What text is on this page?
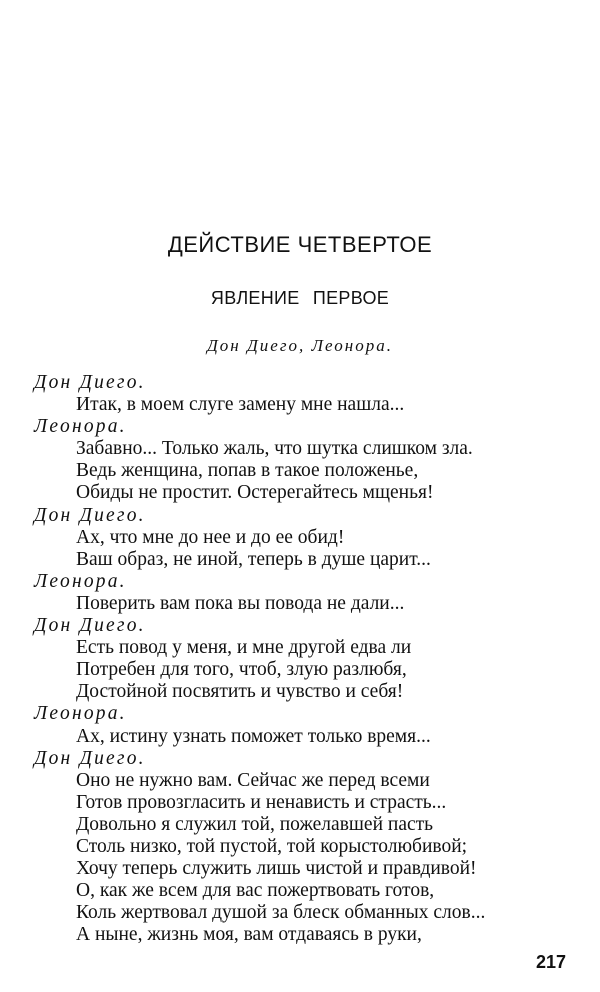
ДЕЙСТВИЕ ЧЕТВЕРТОЕ
ЯВЛЕНИЕ ПЕРВОЕ
Дон Диего, Леонора.
Дон Диего.
Итак, в моем слуге замену мне нашла...
Леонора.
Забавно... Только жаль, что шутка слишком зла.
Ведь женщина, попав в такое положенье,
Обиды не простит. Остерегайтесь мщенья!
Дон Диего.
Ах, что мне до нее и до ее обид!
Ваш образ, не иной, теперь в душе царит...
Леонора.
Поверить вам пока вы повода не дали...
Дон Диего.
Есть повод у меня, и мне другой едва ли
Потребен для того, чтоб, злую разлюбя,
Достойной посвятить и чувство и себя!
Леонора.
Ах, истину узнать поможет только время...
Дон Диего.
Оно не нужно вам. Сейчас же перед всеми
Готов провозгласить и ненависть и страсть...
Довольно я служил той, пожелавшей пасть
Столь низко, той пустой, той корыстолюбивой;
Хочу теперь служить лишь чистой и правдивой!
О, как же всем для вас пожертвовать готов,
Коль жертвовал душой за блеск обманных слов...
А ныне, жизнь моя, вам отдаваясь в руки,
217
